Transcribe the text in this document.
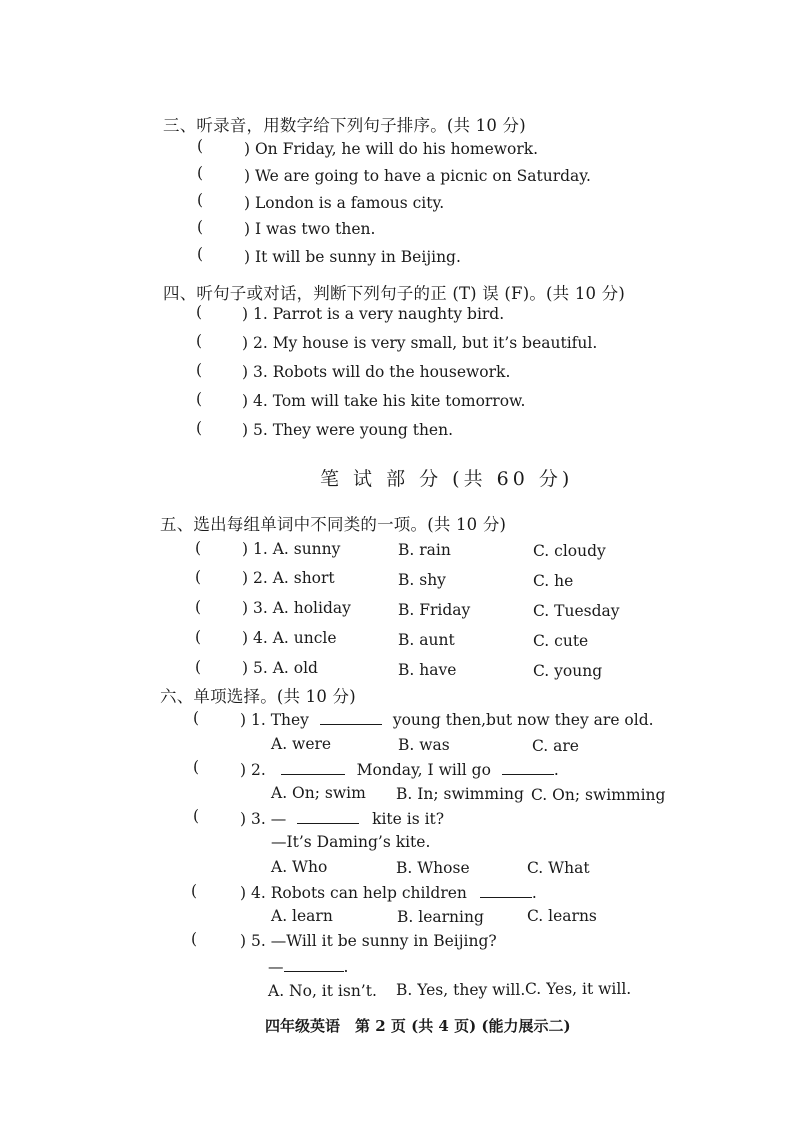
三、听录音，用数字给下列句子排序。(共 10 分)
(	) On Friday, he will do his homework.
(	) We are going to have a picnic on Saturday.
(	) London is a famous city.
(	) I was two then.
(	) It will be sunny in Beijing.
四、听句子或对话，判断下列句子的正 (T) 误 (F)。(共 10 分)
(	) 1. Parrot is a very naughty bird.
(	) 2. My house is very small, but it’s beautiful.
(	) 3. Robots will do the housework.
(	) 4. Tom will take his kite tomorrow.
(	) 5. They were young then.
笔 试 部 分 (共 60 分)
五、选出每组单词中不同类的一项。(共 10 分)
(	) 1. A. sunny	B. rain	C. cloudy
(	) 2. A. short	B. shy	C. he
(	) 3. A. holiday	B. Friday	C. Tuesday
(	) 4. A. uncle	B. aunt	C. cute
(	) 5. A. old	B. have	C. young
六、单项选择。(共 10 分)
(	) 1. They	young then,but now they are old.
A. were	B. was	C. are
(	) 2.	Monday, I will go	.
A. On; swim B. In; swimming C. On; swimming
(	) 3. —	kite is it?
—It’s Daming’s kite.
A. Who	B. Whose	C. What
(	) 4. Robots can help children	.
A. learn	B. learning	C. learns
(	) 5. —Will it be sunny in Beijing?
—	.
A. No, it isn’t. B. Yes, they will. C. Yes, it will.
四年级英语　第 2 页 (共 4 页) (能力展示二)
